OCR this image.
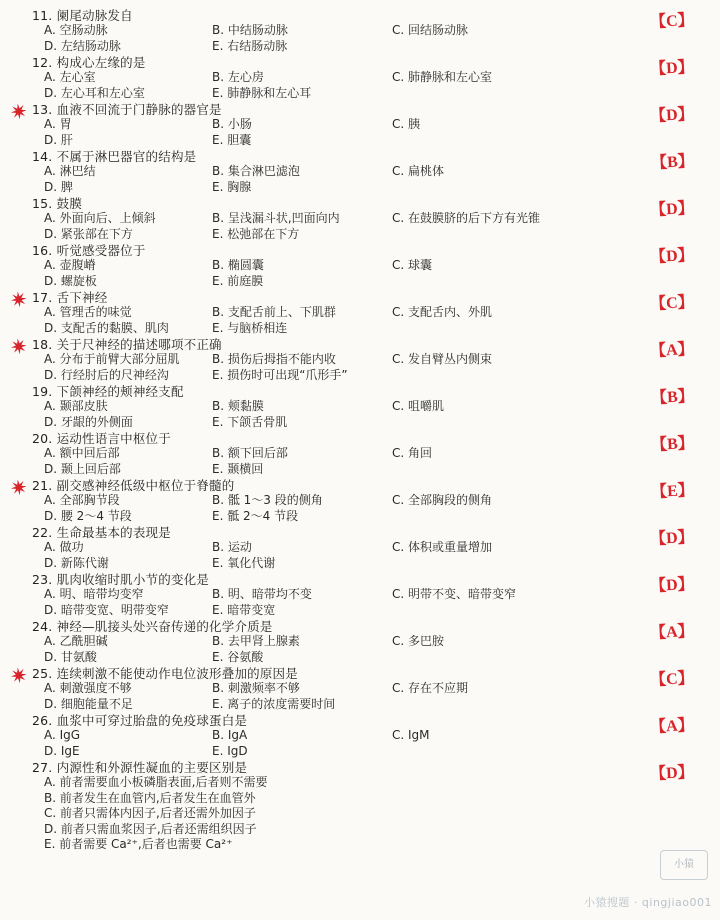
11. 阑尾动脉发自
A. 空肠动脉	B. 中结肠动脉	C. 回结肠动脉
D. 左结肠动脉	E. 右结肠动脉
【C】
12. 构成心左缘的是
A. 左心室	B. 左心房	C. 肺静脉和左心室
D. 左心耳和左心室	E. 肺静脉和左心耳
【D】
✷ 13. 血液不回流于门静脉的器官是
A. 胃	B. 小肠	C. 胰
D. 肝	E. 胆囊
【D】
14. 不属于淋巴器官的结构是
A. 淋巴结	B. 集合淋巴滤泡	C. 扁桃体
D. 脾	E. 胸腺
【B】
15. 鼓膜
A. 外面向后、上倾斜	B. 呈浅漏斗状,凹面向内	C. 在鼓膜脐的后下方有光锥
D. 紧张部在下方	E. 松弛部在下方
【D】
16. 听觉感受器位于
A. 壶腹嵴	B. 椭圆囊	C. 球囊
D. 螺旋板	E. 前庭膜
【D】
✷ 17. 舌下神经
A. 管理舌的味觉	B. 支配舌前上、下肌群	C. 支配舌内、外肌
D. 支配舌的黏膜、肌肉	E. 与脑桥相连
【C】
✷ 18. 关于尺神经的描述哪项不正确
A. 分布于前臂大部分屈肌	B. 损伤后拇指不能内收	C. 发自臂丛内侧束
D. 行经肘后的尺神经沟	E. 损伤时可出现“爪形手”
【A】
19. 下颌神经的颊神经支配
A. 颞部皮肤	B. 颊黏膜	C. 咀嚼肌
D. 牙龈的外侧面	E. 下颌舌骨肌
【B】
20. 运动性语言中枢位于
A. 额中回后部	B. 额下回后部	C. 角回
D. 颞上回后部	E. 颞横回
【B】
✷ 21. 副交感神经低级中枢位于脊髓的
A. 全部胸节段	B. 骶 1～3 段的侧角	C. 全部胸段的侧角
D. 腰 2～4 节段	E. 骶 2～4 节段
【E】
22. 生命最基本的表现是
A. 做功	B. 运动	C. 体积或重量增加
D. 新陈代谢	E. 氧化代谢
【D】
23. 肌肉收缩时肌小节的变化是
A. 明、暗带均变窄	B. 明、暗带均不变	C. 明带不变、暗带变窄
D. 暗带变宽、明带变窄	E. 暗带变宽
【D】
24. 神经—肌接头处兴奋传递的化学介质是
A. 乙酰胆碱	B. 去甲肾上腺素	C. 多巴胺
D. 甘氨酸	E. 谷氨酸
【A】
✷ 25. 连续刺激不能使动作电位波形叠加的原因是
A. 刺激强度不够	B. 刺激频率不够	C. 存在不应期
D. 细胞能量不足	E. 离子的浓度需要时间
【C】
26. 血浆中可穿过胎盘的免疫球蛋白是
A. IgG	B. IgA	C. IgM
D. IgE	E. IgD
【A】
27. 内源性和外源性凝血的主要区别是
A. 前者需要血小板磷脂表面,后者则不需要
B. 前者发生在血管内,后者发生在血管外
C. 前者只需体内因子,后者还需外加因子
D. 前者只需血浆因子,后者还需组织因子
E. 前者需要 Ca²⁺,后者也需要 Ca²⁺
【D】
小猿
小猿搜题 · qingjiao001
